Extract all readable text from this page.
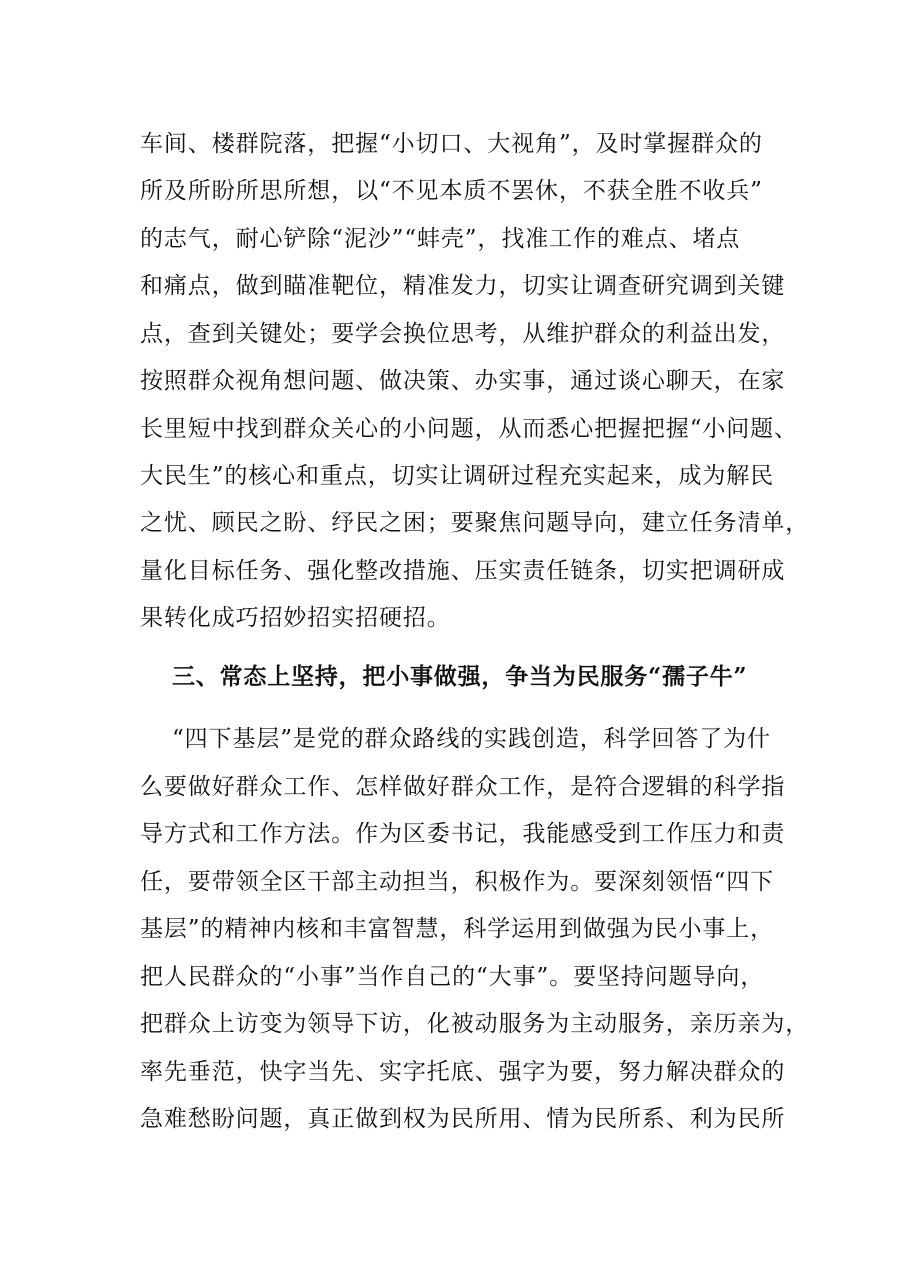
车间、楼群院落，把握“小切口、大视角”，及时掌握群众的
所及所盼所思所想，以“不见本质不罢休，不获全胜不收兵”
的志气，耐心铲除“泥沙”“蚌壳”，找准工作的难点、堵点
和痛点，做到瞄准靶位，精准发力，切实让调查研究调到关键
点，查到关键处；要学会换位思考，从维护群众的利益出发，
按照群众视角想问题、做决策、办实事，通过谈心聊天，在家
长里短中找到群众关心的小问题，从而悉心把握把握“小问题、
大民生”的核心和重点，切实让调研过程充实起来，成为解民
之忧、顾民之盼、纾民之困；要聚焦问题导向，建立任务清单，
量化目标任务、强化整改措施、压实责任链条，切实把调研成
果转化成巧招妙招实招硬招。
三、常态上坚持，把小事做强，争当为民服务“孺子牛”
“四下基层”是党的群众路线的实践创造，科学回答了为什
么要做好群众工作、怎样做好群众工作，是符合逻辑的科学指
导方式和工作方法。作为区委书记，我能感受到工作压力和责
任，要带领全区干部主动担当，积极作为。要深刻领悟“四下
基层”的精神内核和丰富智慧，科学运用到做强为民小事上，
把人民群众的“小事”当作自己的“大事”。要坚持问题导向，
把群众上访变为领导下访，化被动服务为主动服务，亲历亲为，
率先垂范，快字当先、实字托底、强字为要，努力解决群众的
急难愁盼问题，真正做到权为民所用、情为民所系、利为民所
